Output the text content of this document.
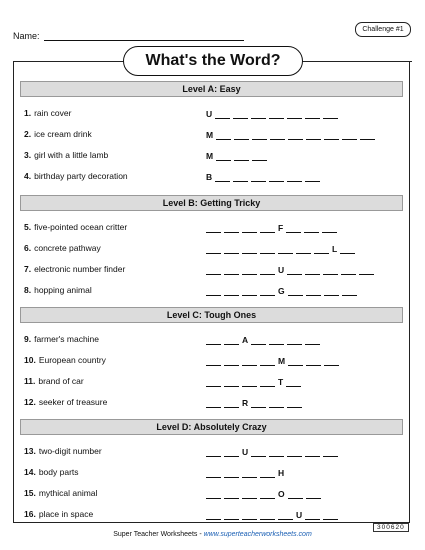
Name:
Challenge #1
What's the Word?
Level A: Easy
1. rain cover	U
2. ice cream drink	M
3. girl with a little lamb	M
4. birthday party decoration	B
Level B: Getting Tricky
5. five-pointed ocean critter	F
6. concrete pathway	L
7. electronic number finder	U
8. hopping animal	G
Level C: Tough Ones
9. farmer's machine	A
10. European country	M
11. brand of car	T
12. seeker of treasure	R
Level D: Absolutely Crazy
13. two-digit number	U
14. body parts	H
15. mythical animal	O
16. place in space	U
Super Teacher Worksheets - www.superteacherworksheets.com
300620
